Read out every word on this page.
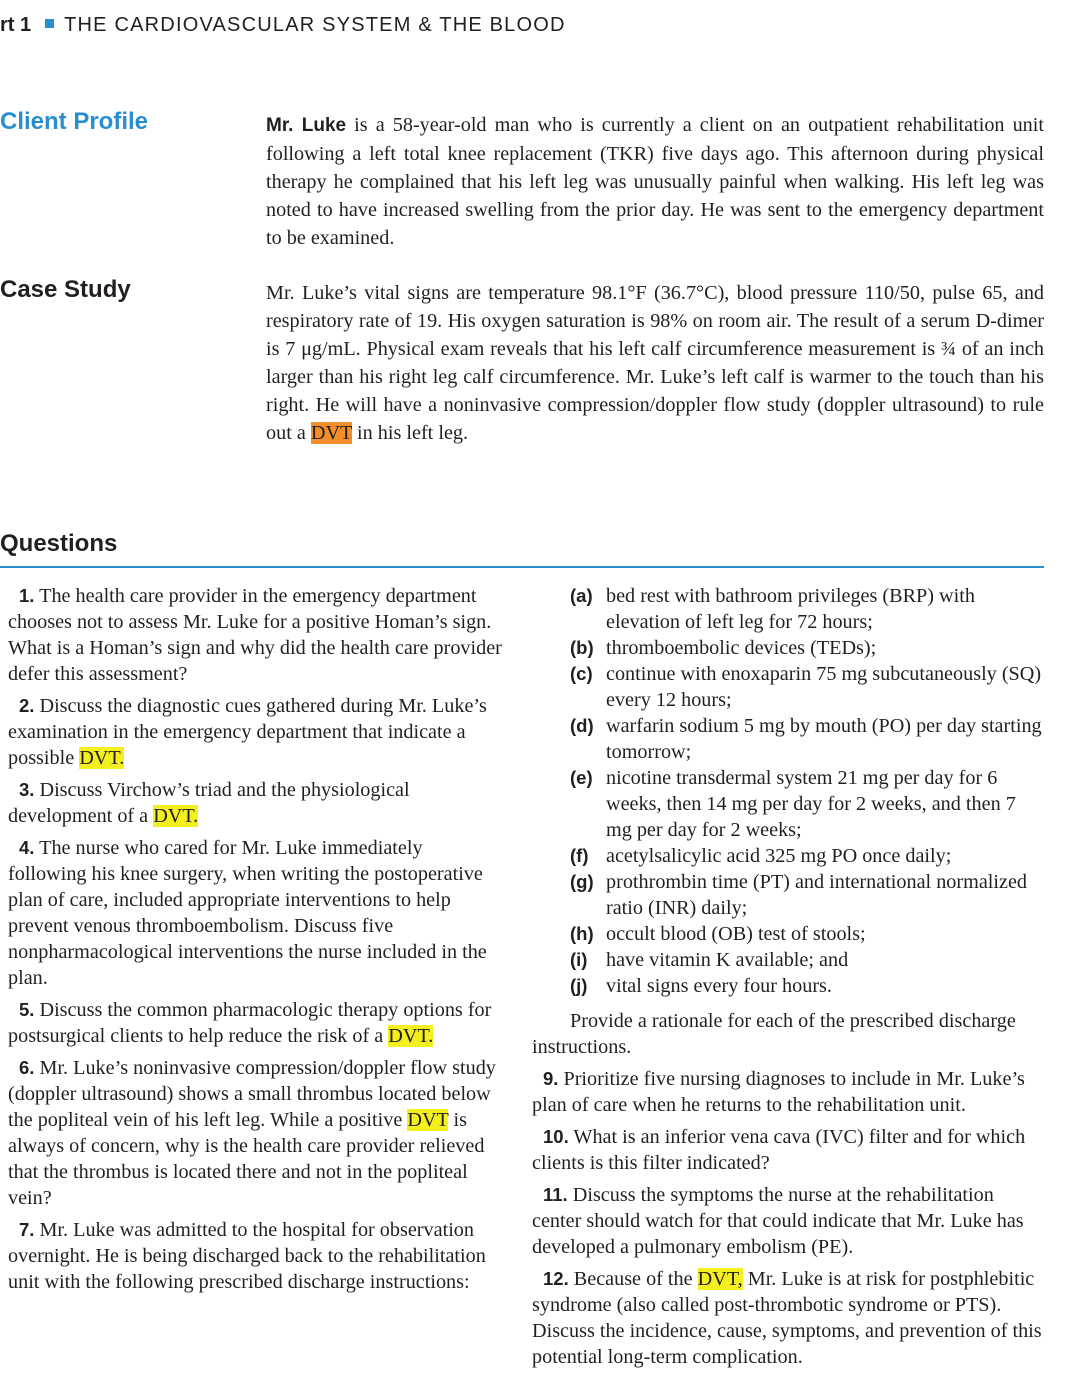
rt 1 THE CARDIOVASCULAR SYSTEM & THE BLOOD
Client Profile	Mr. Luke is a 58-year-old man who is currently a client on an outpatient rehabilitation unit following a left total knee replacement (TKR) five days ago. This afternoon during physical therapy he complained that his left leg was unusually painful when walking. His left leg was noted to have increased swelling from the prior day. He was sent to the emergency department to be examined.

Case Study	Mr. Luke’s vital signs are temperature 98.1°F (36.7°C), blood pressure 110/50, pulse 65, and respiratory rate of 19. His oxygen saturation is 98% on room air. The result of a serum D-dimer is 7 μg/mL. Physical exam reveals that his left calf circumference measurement is ¾ of an inch larger than his right leg calf circumference. Mr. Luke’s left calf is warmer to the touch than his right. He will have a noninvasive compression/doppler flow study (doppler ultrasound) to rule out a DVT in his left leg.

Questions

1. The health care provider in the emergency department chooses not to assess Mr. Luke for a positive Homan’s sign. What is a Homan’s sign and why did the health care provider defer this assessment?

2. Discuss the diagnostic cues gathered during Mr. Luke’s examination in the emergency department that indicate a possible DVT.

3. Discuss Virchow’s triad and the physiological development of a DVT.

4. The nurse who cared for Mr. Luke immediately following his knee surgery, when writing the postoperative plan of care, included appropriate interventions to help prevent venous thromboembolism. Discuss five nonpharmacological interventions the nurse included in the plan.

5. Discuss the common pharmacologic therapy options for postsurgical clients to help reduce the risk of a DVT.

6. Mr. Luke’s noninvasive compression/doppler flow study (doppler ultrasound) shows a small thrombus located below the popliteal vein of his left leg. While a positive DVT is always of concern, why is the health care provider relieved that the thrombus is located there and not in the popliteal vein?

7. Mr. Luke was admitted to the hospital for observation overnight. He is being discharged back to the rehabilitation unit with the following prescribed discharge instructions:

(a) bed rest with bathroom privileges (BRP) with elevation of left leg for 72 hours;
(b) thromboembolic devices (TEDs);
(c) continue with enoxaparin 75 mg subcutaneously (SQ) every 12 hours;
(d) warfarin sodium 5 mg by mouth (PO) per day starting tomorrow;
(e) nicotine transdermal system 21 mg per day for 6 weeks, then 14 mg per day for 2 weeks, and then 7 mg per day for 2 weeks;
(f) acetylsalicylic acid 325 mg PO once daily;
(g) prothrombin time (PT) and international normalized ratio (INR) daily;
(h) occult blood (OB) test of stools;
(i) have vitamin K available; and
(j) vital signs every four hours.

Provide a rationale for each of the prescribed discharge instructions.

9. Prioritize five nursing diagnoses to include in Mr. Luke’s plan of care when he returns to the rehabilitation unit.

10. What is an inferior vena cava (IVC) filter and for which clients is this filter indicated?

11. Discuss the symptoms the nurse at the rehabilitation center should watch for that could indicate that Mr. Luke has developed a pulmonary embolism (PE).

12. Because of the DVT, Mr. Luke is at risk for postphlebitic syndrome (also called post-thrombotic syndrome or PTS). Discuss the incidence, cause, symptoms, and prevention of this potential long-term complication.
